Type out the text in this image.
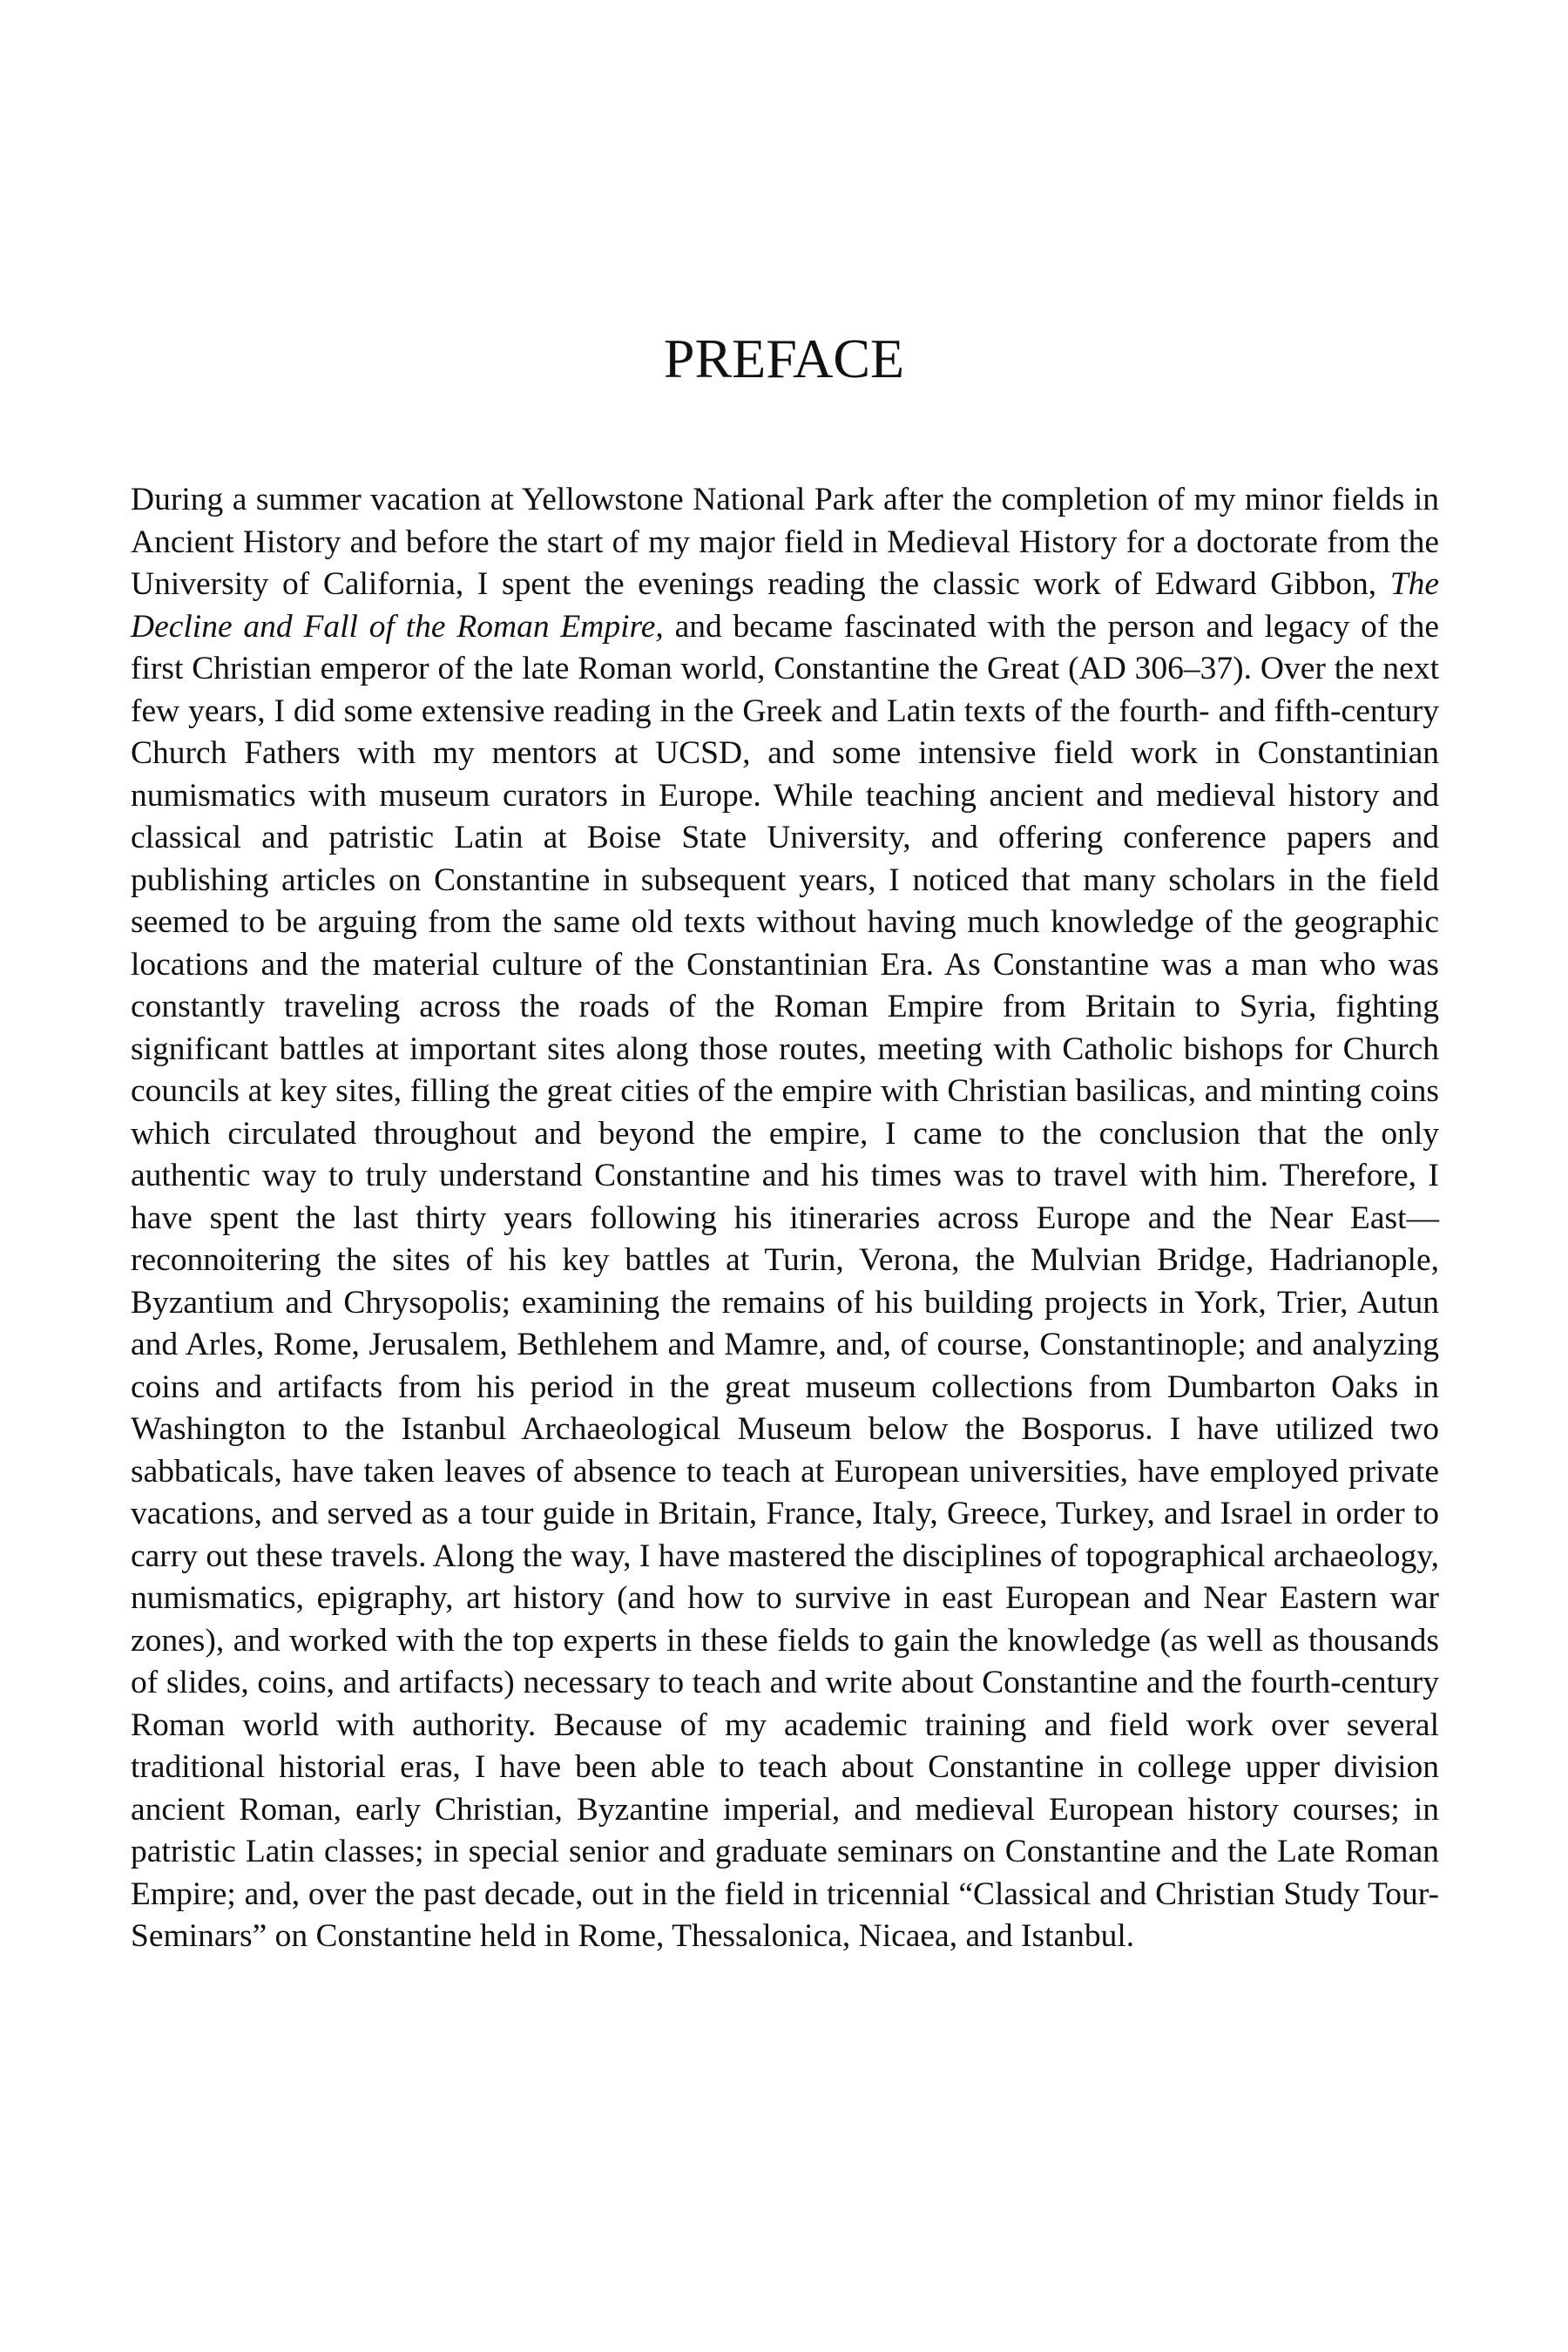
PREFACE

During a summer vacation at Yellowstone National Park after the completion of my minor fields in Ancient History and before the start of my major field in Medieval History for a doctorate from the University of California, I spent the evenings reading the classic work of Edward Gibbon, The Decline and Fall of the Roman Empire, and became fascinated with the person and legacy of the first Christian emperor of the late Roman world, Constantine the Great (AD 306–37). Over the next few years, I did some extensive reading in the Greek and Latin texts of the fourth- and fifth-century Church Fathers with my mentors at UCSD, and some intensive field work in Constantinian numismatics with museum curators in Europe. While teaching ancient and medieval history and classical and patristic Latin at Boise State University, and offering conference papers and publishing articles on Constantine in subsequent years, I noticed that many scholars in the field seemed to be arguing from the same old texts without having much knowledge of the geographic locations and the material culture of the Constantinian Era. As Constantine was a man who was constantly traveling across the roads of the Roman Empire from Britain to Syria, fighting significant battles at important sites along those routes, meeting with Catholic bishops for Church councils at key sites, filling the great cities of the empire with Christian basilicas, and minting coins which circulated throughout and beyond the empire, I came to the conclusion that the only authentic way to truly understand Constantine and his times was to travel with him. Therefore, I have spent the last thirty years following his itineraries across Europe and the Near East—reconnoitering the sites of his key battles at Turin, Verona, the Mulvian Bridge, Hadrianople, Byzantium and Chrysopolis; examining the remains of his building projects in York, Trier, Autun and Arles, Rome, Jerusalem, Bethlehem and Mamre, and, of course, Constantinople; and analyzing coins and artifacts from his period in the great museum collections from Dumbarton Oaks in Washington to the Istanbul Archaeological Museum below the Bosporus. I have utilized two sabbaticals, have taken leaves of absence to teach at European universities, have employed private vacations, and served as a tour guide in Britain, France, Italy, Greece, Turkey, and Israel in order to carry out these travels. Along the way, I have mastered the disciplines of topographical archaeology, numismatics, epigraphy, art history (and how to survive in east European and Near Eastern war zones), and worked with the top experts in these fields to gain the knowledge (as well as thousands of slides, coins, and artifacts) necessary to teach and write about Constantine and the fourth-century Roman world with authority. Because of my academic training and field work over several traditional historial eras, I have been able to teach about Constantine in college upper division ancient Roman, early Christian, Byzantine imperial, and medieval European history courses; in patristic Latin classes; in special senior and graduate seminars on Constantine and the Late Roman Empire; and, over the past decade, out in the field in tricennial “Classical and Christian Study Tour-Seminars” on Constantine held in Rome, Thessalonica, Nicaea, and Istanbul.
